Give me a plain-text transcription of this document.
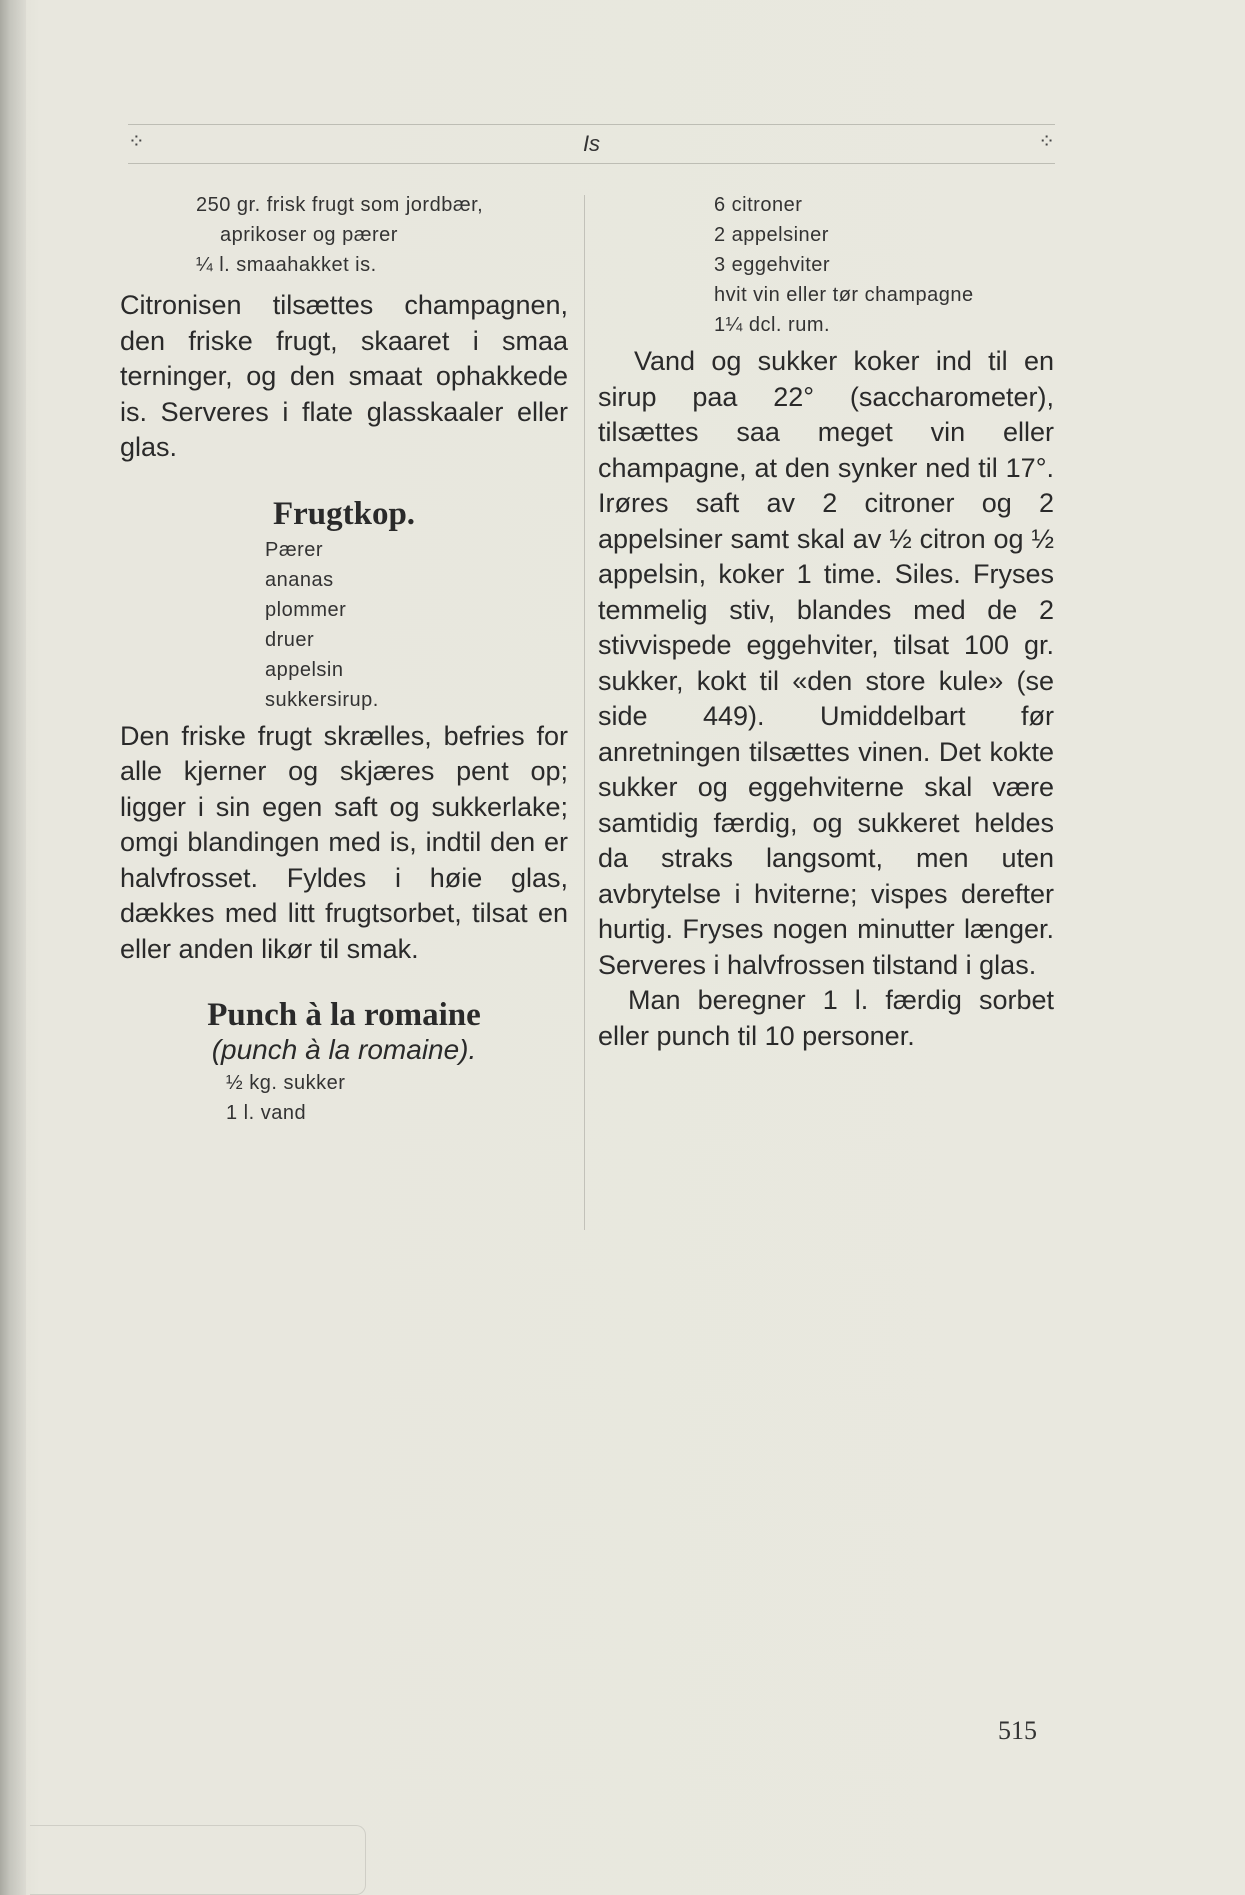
⁘	Is	⁘

250 gr. frisk frugt som jordbær,

aprikoser og pærer

¼ l. smaahakket is.

Citronisen tilsættes champagnen, den friske frugt, skaaret i smaa terninger, og den smaat ophakkede is. Serveres i flate glasskaaler eller glas.

Frugtkop.

Pærer

ananas

plommer

druer

appelsin

sukkersirup.

Den friske frugt skrælles, befries for alle kjerner og skjæres pent op; ligger i sin egen saft og sukkerlake; omgi blandingen med is, indtil den er halvfrosset. Fyldes i høie glas, dækkes med litt frugtsorbet, tilsat en eller anden likør til smak.

Punch à la romaine

(punch à la romaine).

½ kg. sukker

1 l. vand

6 citroner

2 appelsiner

3 eggehviter

hvit vin eller tør champagne

1¼ dcl. rum.

Vand og sukker koker ind til en sirup paa 22° (saccharometer), tilsættes saa meget vin eller champagne, at den synker ned til 17°. Irøres saft av 2 citroner og 2 appelsiner samt skal av ½ citron og ½ appelsin, koker 1 time. Siles. Fryses temmelig stiv, blandes med de 2 stivvispede eggehviter, tilsat 100 gr. sukker, kokt til «den store kule» (se side 449). Umiddelbart før anretningen tilsættes vinen. Det kokte sukker og eggehviterne skal være samtidig færdig, og sukkeret heldes da straks langsomt, men uten avbrytelse i hviterne; vispes derefter hurtig. Fryses nogen minutter længer. Serveres i halvfrossen tilstand i glas.

Man beregner 1 l. færdig sorbet eller punch til 10 personer.

515
